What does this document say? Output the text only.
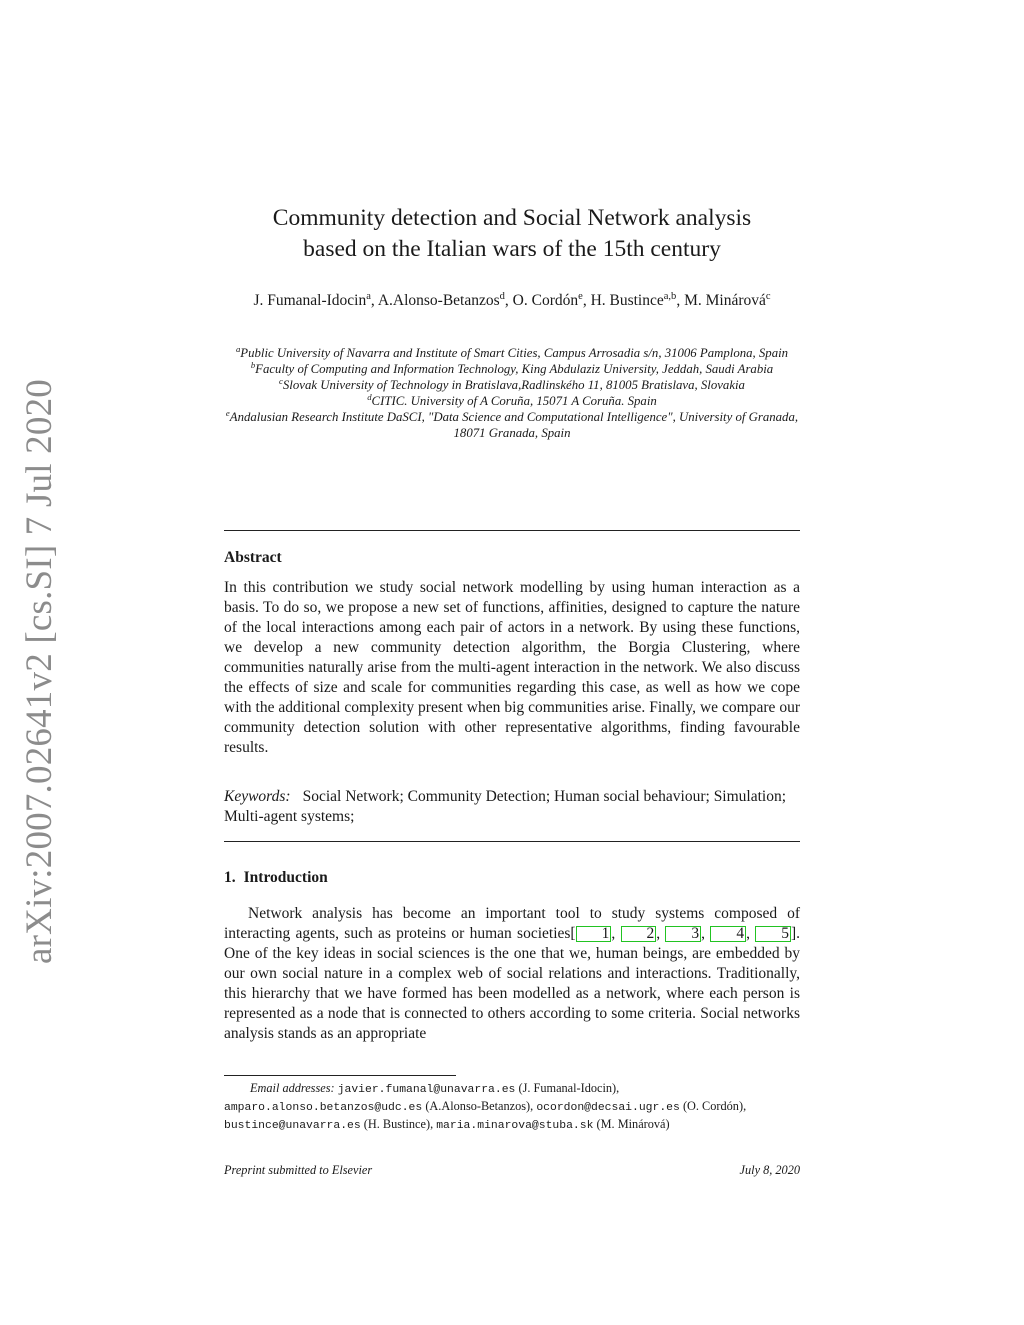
arXiv:2007.02641v2 [cs.SI] 7 Jul 2020
Community detection and Social Network analysis
based on the Italian wars of the 15th century
J. Fumanal-Idocin$^a$, A.Alonso-Betanzos$^d$, O. Cordón$^e$, H. Bustince$^{a,b}$, M. Minárová$^c$
$^a$Public University of Navarra and Institute of Smart Cities, Campus Arrosadia s/n, 31006 Pamplona, Spain
$^b$Faculty of Computing and Information Technology, King Abdulaziz University, Jeddah, Saudi Arabia
$^c$Slovak University of Technology in Bratislava,Radlinského 11, 81005 Bratislava, Slovakia
$^d$CITIC. University of A Coruña, 15071 A Coruña. Spain
$^e$Andalusian Research Institute DaSCI, "Data Science and Computational Intelligence", University of Granada, 18071 Granada, Spain
Abstract
In this contribution we study social network modelling by using human interaction as a basis. To do so, we propose a new set of functions, affinities, designed to capture the nature of the local interactions among each pair of actors in a network. By using these functions, we develop a new community detection algorithm, the Borgia Clustering, where communities naturally arise from the multi-agent interaction in the network. We also discuss the effects of size and scale for communities regarding this case, as well as how we cope with the additional complexity present when big communities arise. Finally, we compare our community detection solution with other representative algorithms, finding favourable results.
Keywords: Social Network; Community Detection; Human social behaviour; Simulation; Multi-agent systems;
1. Introduction
Network analysis has become an important tool to study systems composed of interacting agents, such as proteins or human societies[ 1 , 2 , 3 , 4 , 5 ]. One of the key ideas in social sciences is the one that we, human beings, are embedded by our own social nature in a complex web of social relations and interactions. Traditionally, this hierarchy that we have formed has been modelled as a network, where each person is represented as a node that is connected to others according to some criteria. Social networks analysis stands as an appropriate
Email addresses: javier.fumanal@unavarra.es (J. Fumanal-Idocin), amparo.alonso.betanzos@udc.es (A.Alonso-Betanzos), ocordon@decsai.ugr.es (O. Cordón), bustince@unavarra.es (H. Bustince), maria.minarova@stuba.sk (M. Minárová)
Preprint submitted to Elsevier	July 8, 2020
